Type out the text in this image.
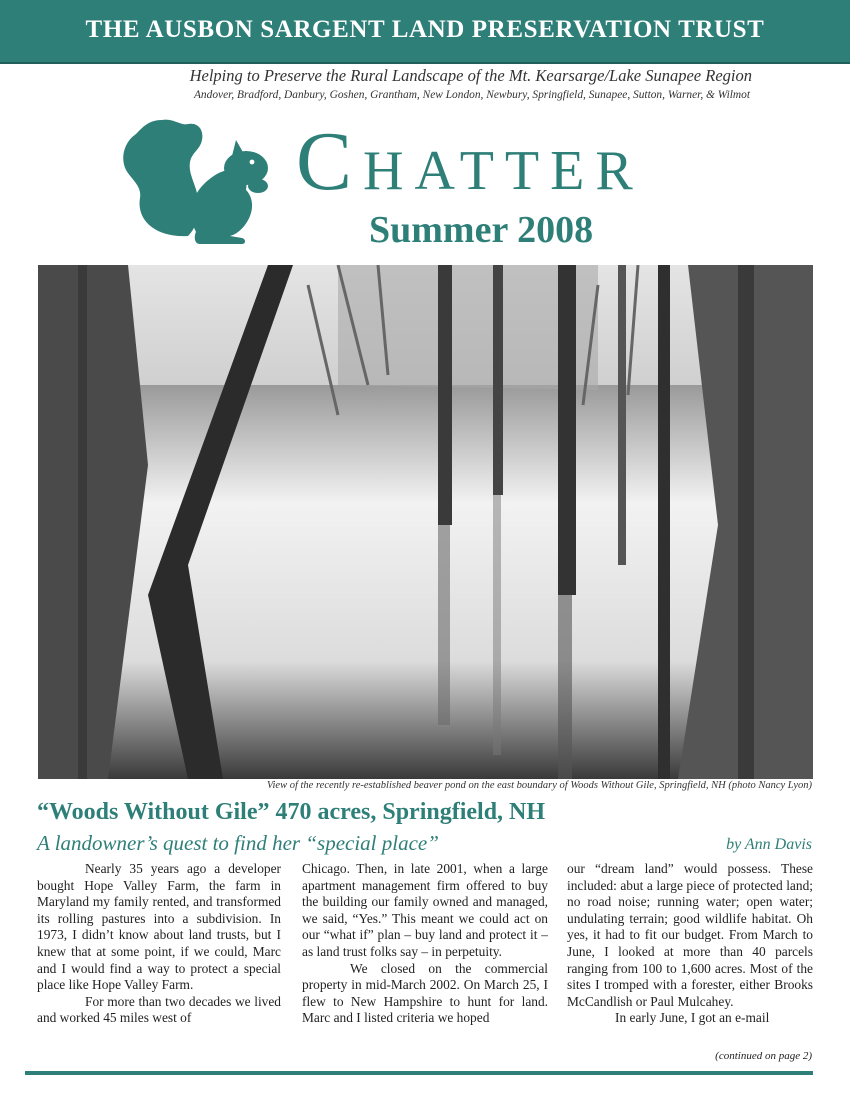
THE AUSBON SARGENT LAND PRESERVATION TRUST
Helping to Preserve the Rural Landscape of the Mt. Kearsarge/Lake Sunapee Region
Andover, Bradford, Danbury, Goshen, Grantham, New London, Newbury, Springfield, Sunapee, Sutton, Warner, & Wilmot
CHATTER
Summer 2008
View of the recently re-established beaver pond on the east boundary of Woods Without Gile, Springfield, NH (photo Nancy Lyon)
“Woods Without Gile” 470 acres, Springfield, NH
A landowner’s quest to find her “special place”	by Ann Davis

Nearly 35 years ago a developer bought Hope Valley Farm, the farm in Maryland my family rented, and transformed its rolling pastures into a subdivision. In 1973, I didn’t know about land trusts, but I knew that at some point, if we could, Marc and I would find a way to protect a special place like Hope Valley Farm.

For more than two decades we lived and worked 45 miles west of

Chicago. Then, in late 2001, when a large apartment management firm offered to buy the building our family owned and managed, we said, “Yes.” This meant we could act on our “what if” plan – buy land and protect it – as land trust folks say – in perpetuity.

We closed on the commercial property in mid-March 2002. On March 25, I flew to New Hampshire to hunt for land. Marc and I listed criteria we hoped

our “dream land” would possess. These included: abut a large piece of protected land; no road noise; running water; open water; undulating terrain; good wildlife habitat. Oh yes, it had to fit our budget. From March to June, I looked at more than 40 parcels ranging from 100 to 1,600 acres. Most of the sites I tromped with a forester, either Brooks McCandlish or Paul Mulcahey.

In early June, I got an e-mail

(continued on page 2)
